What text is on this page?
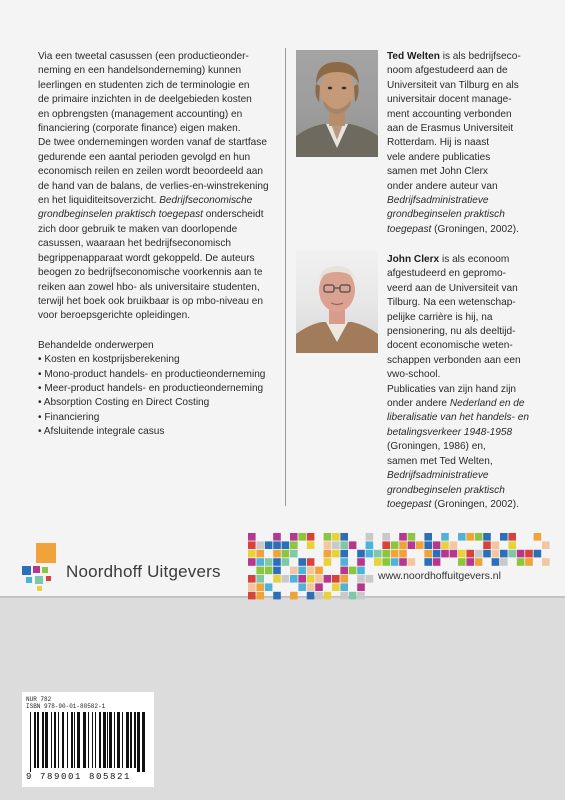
Via een tweetal casussen (een productieonder-
neming en een handelsonderneming) kunnen
leerlingen en studenten zich de terminologie en
de primaire inzichten in de deelgebieden kosten
en opbrengsten (management accounting) en
financiering (corporate finance) eigen maken.

De twee ondernemingen worden vanaf de startfase
gedurende een aantal perioden gevolgd en hun
economisch reilen en zeilen wordt beoordeeld aan
de hand van de balans, de verlies-en-winstrekening
en het liquiditeitsoverzicht. Bedrijfseconomische
grondbeginselen praktisch toegepast onderscheidt
zich door gebruik te maken van doorlopende
casussen, waaraan het bedrijfseconomisch
begrippenapparaat wordt gekoppeld. De auteurs
beogen zo bedrijfseconomische voorkennis aan te
reiken aan zowel hbo- als universitaire studenten,
terwijl het boek ook bruikbaar is op mbo-niveau en
voor beroepsgerichte opleidingen.

Behandelde onderwerpen

• Kosten en kostprijsberekening
• Mono-product handels- en productieonderneming
• Meer-product handels- en productieonderneming
• Absorption Costing en Direct Costing
• Financiering
• Afsluitende integrale casus

Ted Welten is als bedrijfseco-
noom afgestudeerd aan de
Universiteit van Tilburg en als
universitair docent manage-
ment accounting verbonden
aan de Erasmus Universiteit
Rotterdam. Hij is naast
vele andere publicaties
samen met John Clerx
onder andere auteur van
Bedrijfsadministratieve
grondbeginselen praktisch
toegepast (Groningen, 2002).

John Clerx is als econoom
afgestudeerd en gepromo-
veerd aan de Universiteit van
Tilburg. Na een wetenschap-
pelijke carrière is hij, na
pensionering, nu als deeltijd-
docent economische weten-
schappen verbonden aan een
vwo-school.
Publicaties van zijn hand zijn
onder andere Nederland en de
liberalisatie van het handels- en
betalingsverkeer 1948-1958
(Groningen, 1986) en,
samen met Ted Welten,
Bedrijfsadministratieve
grondbeginselen praktisch
toegepast (Groningen, 2002).

Noordhoff Uitgevers	www.noordhoffuitgevers.nl
NUR 782
ISBN 978-90-01-80582-1
9 789001 805821
